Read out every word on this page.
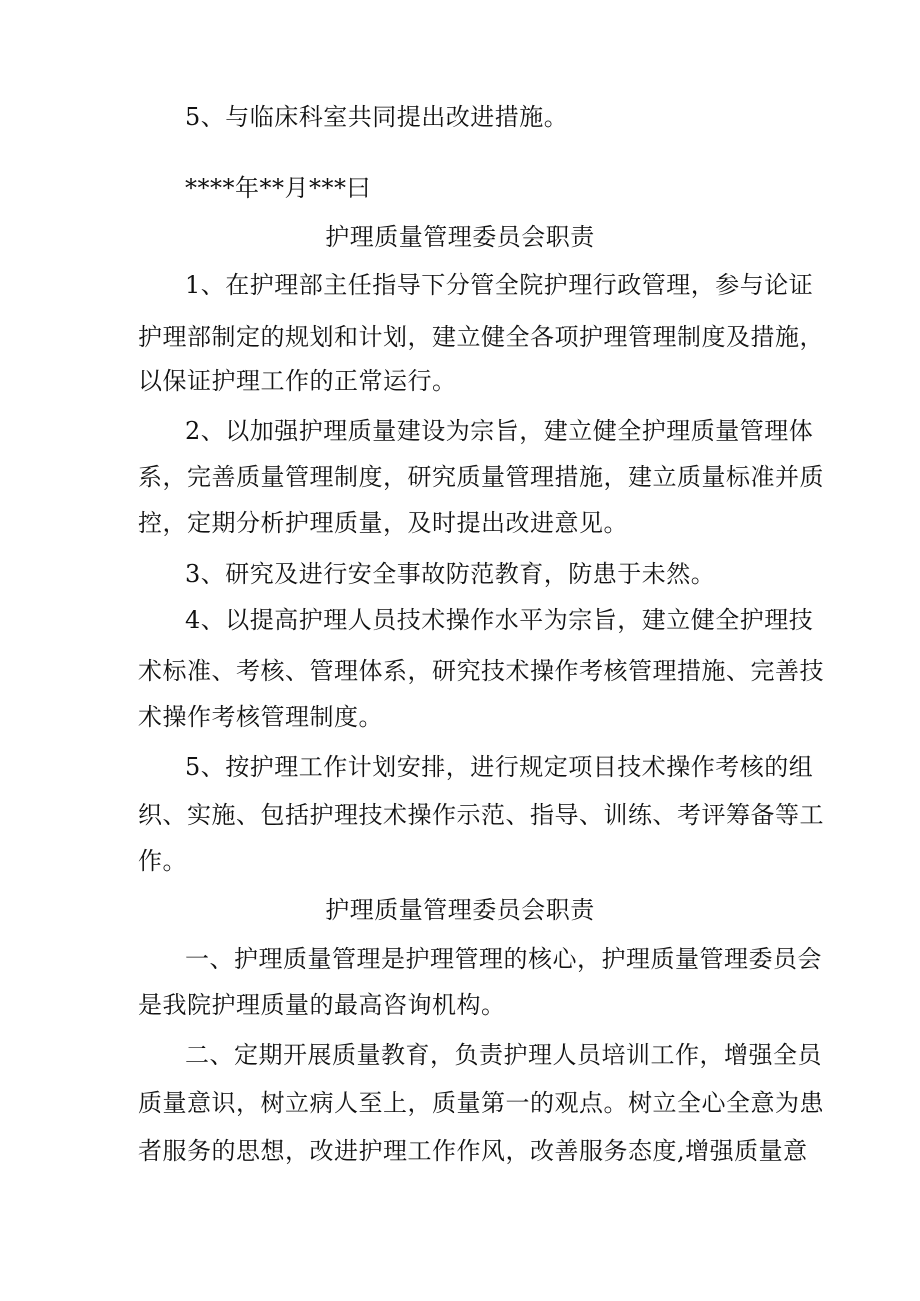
5、与临床科室共同提出改进措施。
****年**月***曰
护理质量管理委员会职责
1、在护理部主任指导下分管全院护理行政管理，参与论证
护理部制定的规划和计划，建立健全各项护理管理制度及措施，
以保证护理工作的正常运行。
2、以加强护理质量建设为宗旨，建立健全护理质量管理体
系，完善质量管理制度，研究质量管理措施，建立质量标准并质
控，定期分析护理质量，及时提出改进意见。
3、研究及进行安全事故防范教育，防患于未然。
4、以提高护理人员技术操作水平为宗旨，建立健全护理技
术标准、考核、管理体系，研究技术操作考核管理措施、完善技
术操作考核管理制度。
5、按护理工作计划安排，进行规定项目技术操作考核的组
织、实施、包括护理技术操作示范、指导、训练、考评筹备等工
作。
护理质量管理委员会职责
一、护理质量管理是护理管理的核心，护理质量管理委员会
是我院护理质量的最高咨询机构。
二、定期开展质量教育，负责护理人员培训工作，增强全员
质量意识，树立病人至上，质量第一的观点。树立全心全意为患
者服务的思想，改进护理工作作风，改善服务态度,增强质量意
